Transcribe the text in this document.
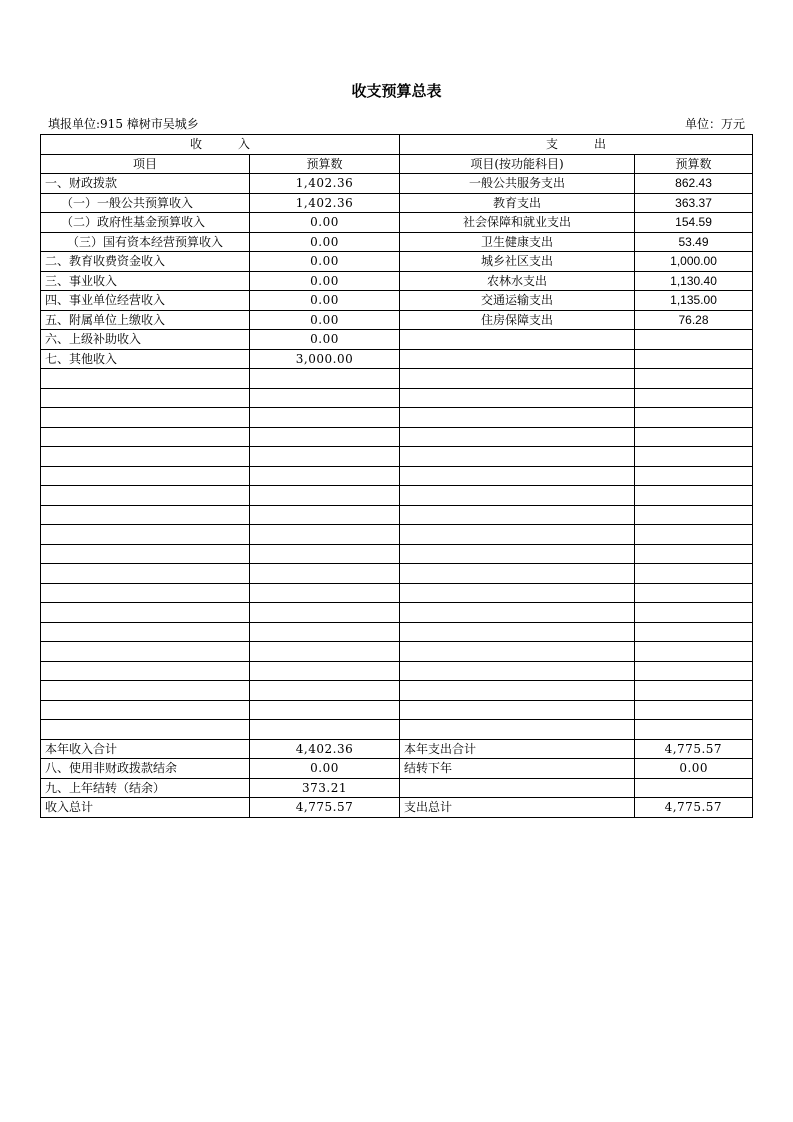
收支预算总表
填报单位:915 樟树市吴城乡	单位：万元
收　　　入		支　　　出	
项目	预算数	项目(按功能科目)	预算数
一、财政拨款	1,402.36	一般公共服务支出	862.43
（一）一般公共预算收入	1,402.36	教育支出	363.37
（二）政府性基金预算收入	0.00	社会保障和就业支出	154.59
（三）国有资本经营预算收入	0.00	卫生健康支出	53.49
二、教育收费资金收入	0.00	城乡社区支出	1,000.00
三、事业收入	0.00	农林水支出	1,130.40
四、事业单位经营收入	0.00	交通运输支出	1,135.00
五、附属单位上缴收入	0.00	住房保障支出	76.28
六、上级补助收入	0.00		
七、其他收入	3,000.00		

本年收入合计	4,402.36	本年支出合计	4,775.57
八、使用非财政拨款结余	0.00	结转下年	0.00
九、上年结转（结余）	373.21		
收入总计	4,775.57	支出总计	4,775.57
